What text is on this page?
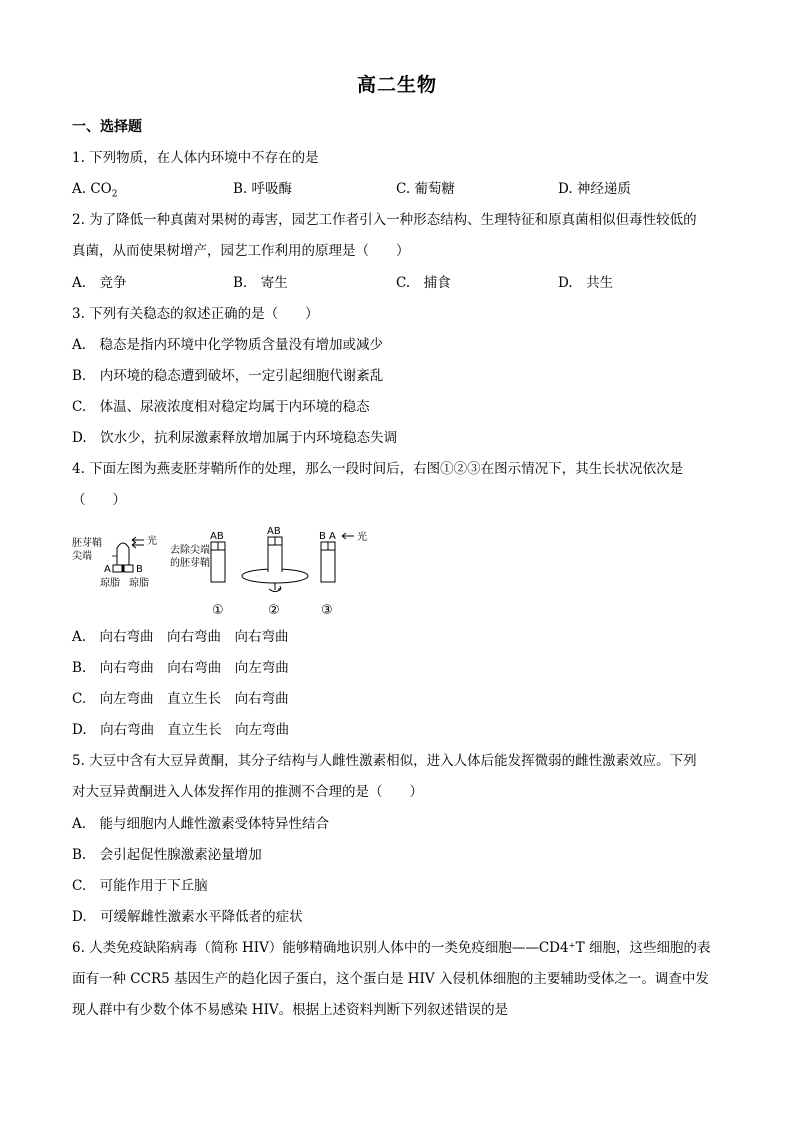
高二生物
一、选择题
1. 下列物质，在人体内环境中不存在的是
A. $CO_2$	B. 呼吸酶	C. 葡萄糖	D. 神经递质
2. 为了降低一种真菌对果树的毒害，园艺工作者引入一种形态结构、生理特征和原真菌相似但毒性较低的
真菌，从而使果树增产，园艺工作利用的原理是（　　）
A.　竞争	B.　寄生	C.　捕食	D.　共生
3. 下列有关稳态的叙述正确的是（　　）
A.　稳态是指内环境中化学物质含量没有增加或减少
B.　内环境的稳态遭到破坏，一定引起细胞代谢紊乱
C.　体温、尿液浓度相对稳定均属于内环境的稳态
D.　饮水少，抗利尿激素释放增加属于内环境稳态失调
4. 下面左图为燕麦胚芽鞘所作的处理，那么一段时间后，右图①②③在图示情况下，其生长状况依次是
（　　）
胚芽鞘
尖端
A	B
光
琼脂 琼脂
去除尖端
的胚芽鞘
AB
①
AB
②
B A 光
③
A.　向右弯曲　向右弯曲　向右弯曲
B.　向右弯曲　向右弯曲　向左弯曲
C.　向左弯曲　直立生长　向右弯曲
D.　向右弯曲　直立生长　向左弯曲
5. 大豆中含有大豆异黄酮，其分子结构与人雌性激素相似，进入人体后能发挥微弱的雌性激素效应。下列
对大豆异黄酮进入人体发挥作用的推测不合理的是（　　）
A.　能与细胞内人雌性激素受体特异性结合
B.　会引起促性腺激素泌量增加
C.　可能作用于下丘脑
D.　可缓解雌性激素水平降低者的症状
6. 人类免疫缺陷病毒（简称 HIV）能够精确地识别人体中的一类免疫细胞——CD4⁺T 细胞，这些细胞的表
面有一种 CCR5 基因生产的趋化因子蛋白，这个蛋白是 HIV 入侵机体细胞的主要辅助受体之一。调查中发
现人群中有少数个体不易感染 HIV。根据上述资料判断下列叙述错误的是
